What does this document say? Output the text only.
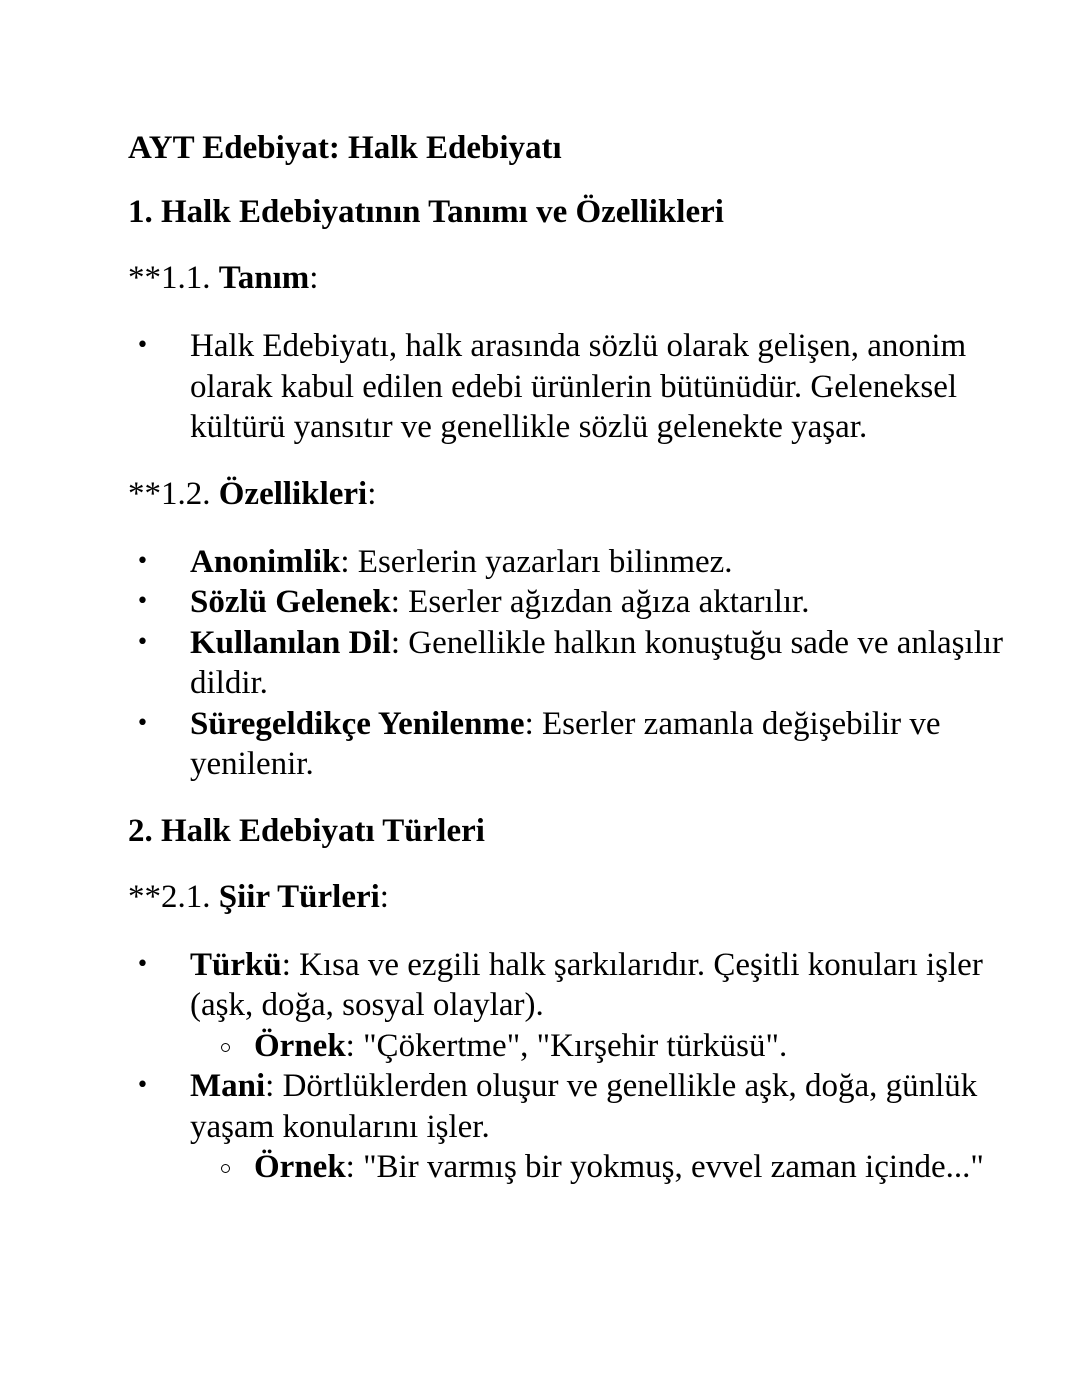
AYT Edebiyat: Halk Edebiyatı
1. Halk Edebiyatının Tanımı ve Özellikleri
**1.1. Tanım:
• Halk Edebiyatı, halk arasında sözlü olarak gelişen, anonim olarak kabul edilen edebi ürünlerin bütünüdür. Geleneksel kültürü yansıtır ve genellikle sözlü gelenekte yaşar.
**1.2. Özellikleri:
• Anonimlik: Eserlerin yazarları bilinmez.
• Sözlü Gelenek: Eserler ağızdan ağıza aktarılır.
• Kullanılan Dil: Genellikle halkın konuştuğu sade ve anlaşılır dildir.
• Süregeldikçe Yenilenme: Eserler zamanla değişebilir ve yenilenir.
2. Halk Edebiyatı Türleri
**2.1. Şiir Türleri:
• Türkü: Kısa ve ezgili halk şarkılarıdır. Çeşitli konuları işler (aşk, doğa, sosyal olaylar).
Örnek: "Çökertme", "Kırşehir türküsü".
• Mani: Dörtlüklerden oluşur ve genellikle aşk, doğa, günlük yaşam konularını işler.
Örnek: "Bir varmış bir yokmuş, evvel zaman içinde..."
